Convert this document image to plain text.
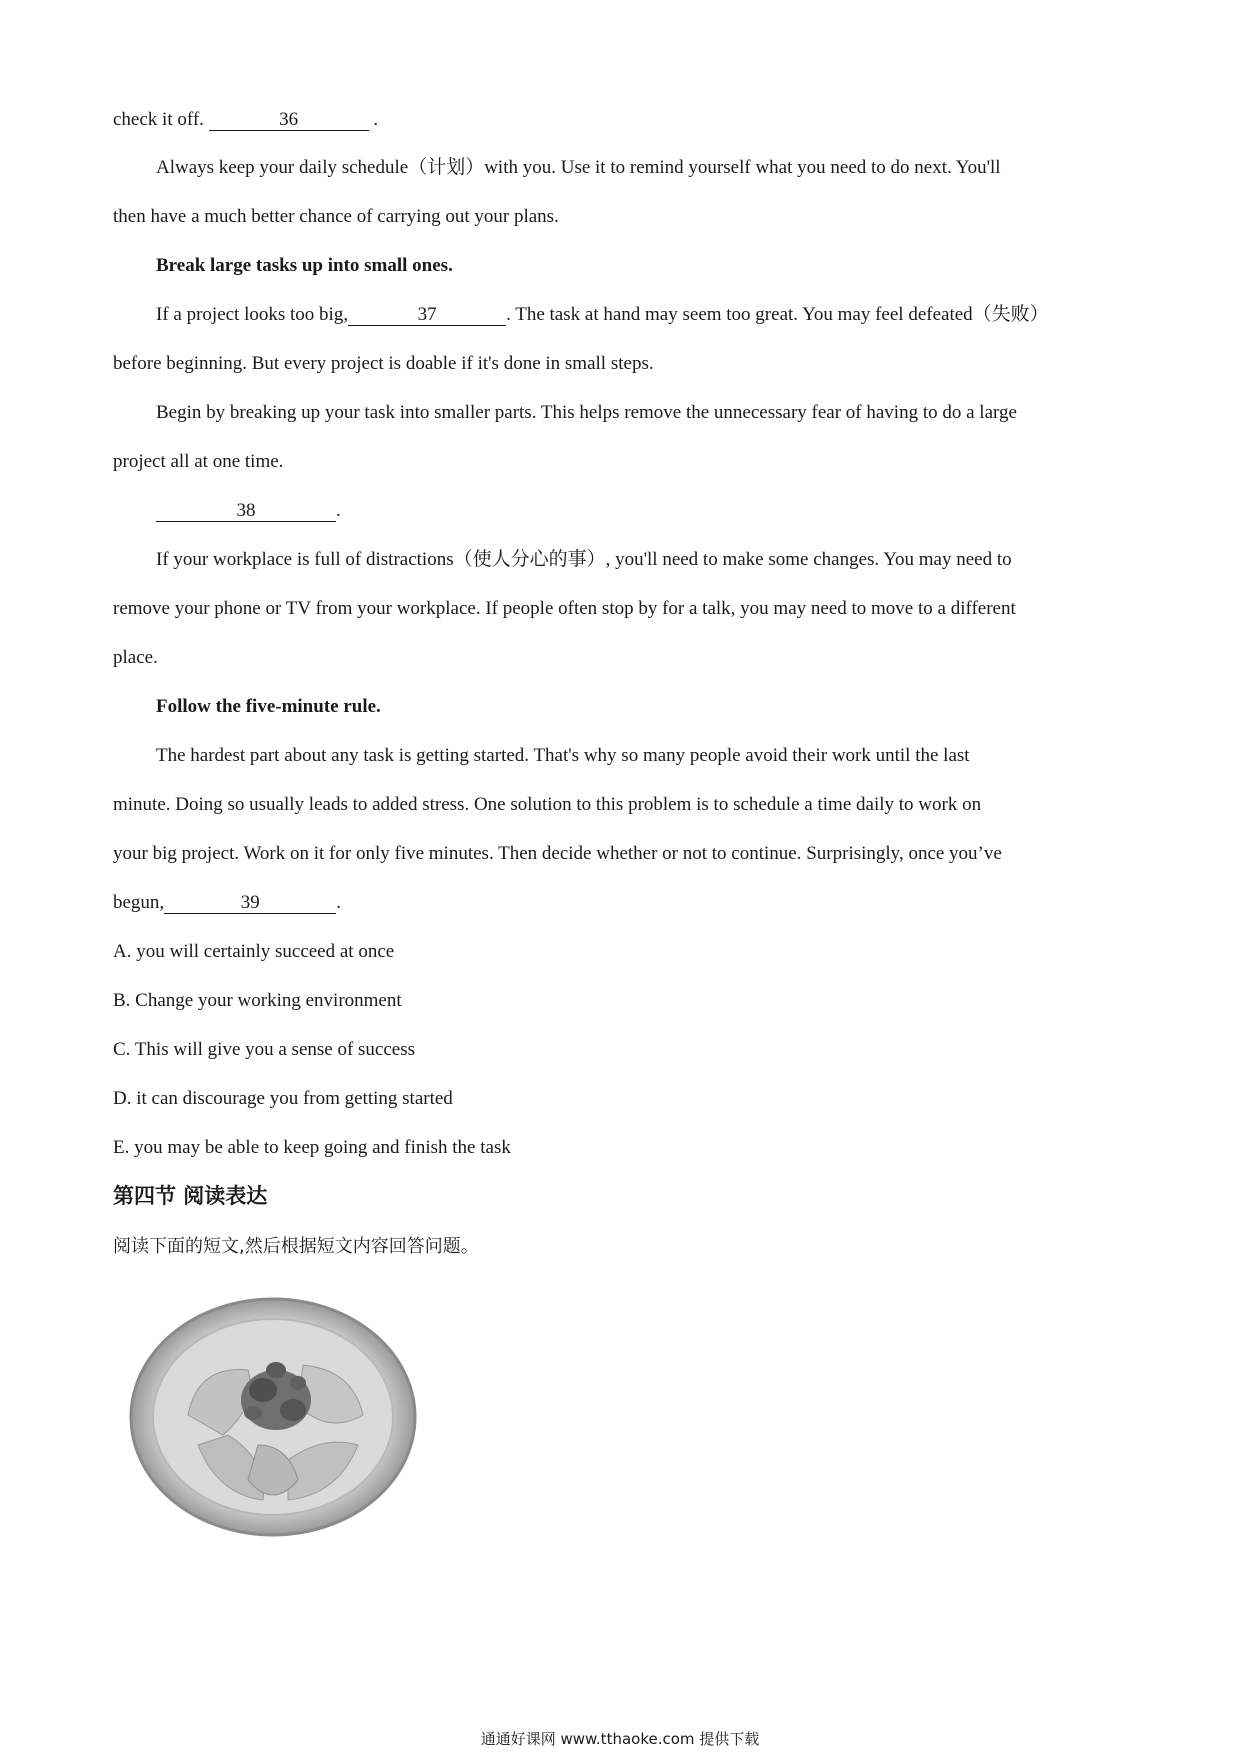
check it off.	36	.
Always keep your daily schedule（计划）with you. Use it to remind yourself what you need to do next. You'll
then have a much better chance of carrying out your plans.
Break large tasks up into small ones.
If a project looks too big,	37	. The task at hand may seem too great. You may feel defeated（失败）
before beginning. But every project is doable if it's done in small steps.
Begin by breaking up your task into smaller parts. This helps remove the unnecessary fear of having to do a large
project all at one time.
38	.
If your workplace is full of distractions（使人分心的事）, you'll need to make some changes. You may need to
remove your phone or TV from your workplace. If people often stop by for a talk, you may need to move to a different
place.
Follow the five-minute rule.
The hardest part about any task is getting started. That's why so many people avoid their work until the last
minute. Doing so usually leads to added stress. One solution to this problem is to schedule a time daily to work on
your big project. Work on it for only five minutes. Then decide whether or not to continue. Surprisingly, once you’ve
begun,	39	.
A. you will certainly succeed at once
B. Change your working environment
C. This will give you a sense of success
D. it can discourage you from getting started
E. you may be able to keep going and finish the task
第四节 阅读表达
阅读下面的短文,然后根据短文内容回答问题。
通通好课网 www.tthaoke.com 提供下载
